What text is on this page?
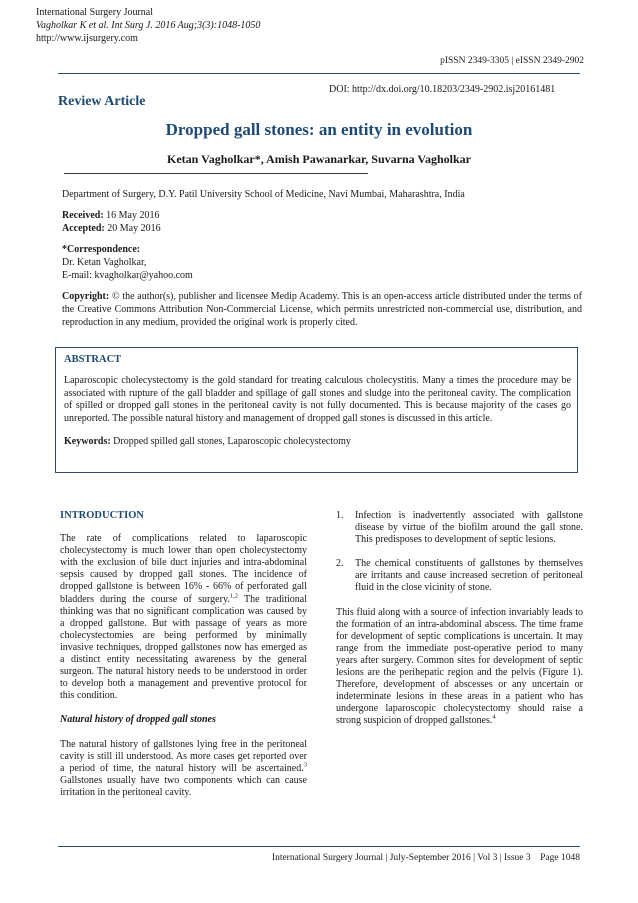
International Surgery Journal
Vagholkar K et al. Int Surg J. 2016 Aug;3(3):1048-1050
http://www.ijsurgery.com
pISSN 2349-3305 | eISSN 2349-2902
DOI: http://dx.doi.org/10.18203/2349-2902.isj20161481
Review Article
Dropped gall stones: an entity in evolution
Ketan Vagholkar*, Amish Pawanarkar, Suvarna Vagholkar

Department of Surgery, D.Y. Patil University School of Medicine, Navi Mumbai, Maharashtra, India

Received: 16 May 2016

Accepted: 20 May 2016

*Correspondence:

Dr. Ketan Vagholkar,

E-mail: kvagholkar@yahoo.com

Copyright: © the author(s), publisher and licensee Medip Academy. This is an open-access article distributed under the terms of the Creative Commons Attribution Non-Commercial License, which permits unrestricted non-commercial use, distribution, and reproduction in any medium, provided the original work is properly cited.

ABSTRACT

Laparoscopic cholecystectomy is the gold standard for treating calculous cholecystitis. Many a times the procedure may be associated with rupture of the gall bladder and spillage of gall stones and sludge into the peritoneal cavity. The complication of spilled or dropped gall stones in the peritoneal cavity is not fully documented. This is because majority of the cases go unreported. The possible natural history and management of dropped gall stones is discussed in this article.

Keywords: Dropped spilled gall stones, Laparoscopic cholecystectomy

INTRODUCTION

The rate of complications related to laparoscopic cholecystectomy is much lower than open cholecystectomy with the exclusion of bile duct injuries and intra-abdominal sepsis caused by dropped gall stones. The incidence of dropped gallstone is between 16% - 66% of perforated gall bladders during the course of surgery.$^{1,2}$ The traditional thinking was that no significant complication was caused by a dropped gallstone. But with passage of years as more cholecystectomies are being performed by minimally invasive techniques, dropped gallstones now has emerged as a distinct entity necessitating awareness by the general surgeon. The natural history needs to be understood in order to develop both a management and preventive protocol for this condition.

Natural history of dropped gall stones

The natural history of gallstones lying free in the peritoneal cavity is still ill understood. As more cases get reported over a period of time, the natural history will be ascertained.$^3$ Gallstones usually have two components which can cause irritation in the peritoneal cavity.

1.	Infection is inadvertently associated with gallstone disease by virtue of the biofilm around the gall stone. This predisposes to development of septic lesions.
2.	The chemical constituents of gallstones by themselves are irritants and cause increased secretion of peritoneal fluid in the close vicinity of stone.

This fluid along with a source of infection invariably leads to the formation of an intra-abdominal abscess. The time frame for development of septic complications is uncertain. It may range from the immediate post-operative period to many years after surgery. Common sites for development of septic lesions are the perihepatic region and the pelvis (Figure 1). Therefore, development of abscesses or any uncertain or indeterminate lesions in these areas in a patient who has undergone laparoscopic cholecystectomy should raise a strong suspicion of dropped gallstones.$^4$

International Surgery Journal | July-September 2016 | Vol 3 | Issue 3    Page 1048
